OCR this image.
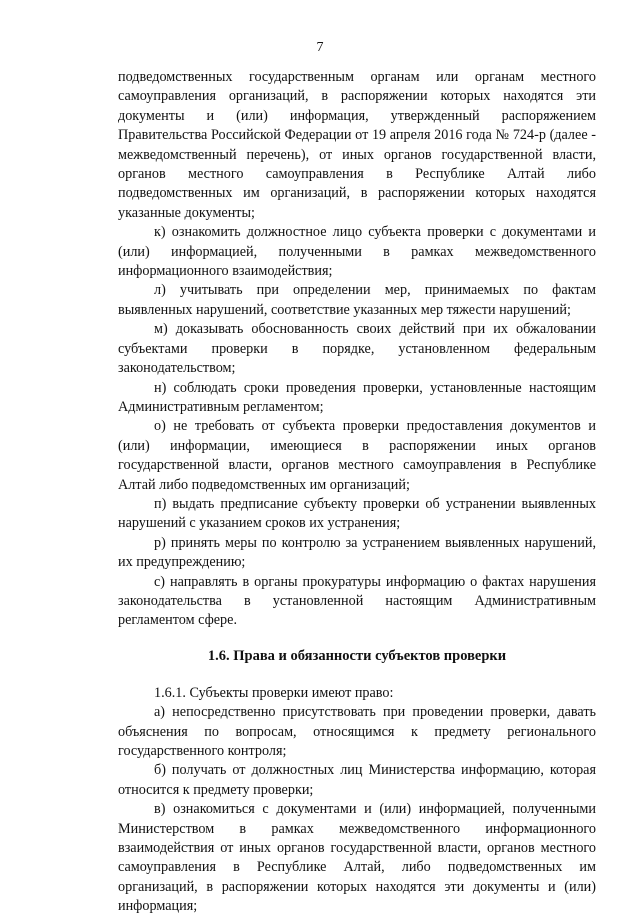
7

подведомственных государственным органам или органам местного самоуправления организаций, в распоряжении которых находятся эти документы и (или) информация, утвержденный распоряжением Правительства Российской Федерации от 19 апреля 2016 года № 724-р (далее - межведомственный перечень), от иных органов государственной власти, органов местного самоуправления в Республике Алтай либо подведомственных им организаций, в распоряжении которых находятся указанные документы;

к) ознакомить должностное лицо субъекта проверки с документами и (или) информацией, полученными в рамках межведомственного информационного взаимодействия;

л) учитывать при определении мер, принимаемых по фактам выявленных нарушений, соответствие указанных мер тяжести нарушений;

м) доказывать обоснованность своих действий при их обжаловании субъектами проверки в порядке, установленном федеральным законодательством;

н) соблюдать сроки проведения проверки, установленные настоящим Административным регламентом;

о) не требовать от субъекта проверки предоставления документов и (или) информации, имеющиеся в распоряжении иных органов государственной власти, органов местного самоуправления в Республике Алтай либо подведомственных им организаций;

п) выдать предписание субъекту проверки об устранении выявленных нарушений с указанием сроков их устранения;

р) принять меры по контролю за устранением выявленных нарушений, их предупреждению;

с) направлять в органы прокуратуры информацию о фактах нарушения законодательства в установленной настоящим Административным регламентом сфере.

1.6. Права и обязанности субъектов проверки

1.6.1. Субъекты проверки имеют право:

а) непосредственно присутствовать при проведении проверки, давать объяснения по вопросам, относящимся к предмету регионального государственного контроля;

б) получать от должностных лиц Министерства информацию, которая относится к предмету проверки;

в) ознакомиться с документами и (или) информацией, полученными Министерством в рамках межведомственного информационного взаимодействия от иных органов государственной власти, органов местного самоуправления в Республике Алтай, либо подведомственных им организаций, в распоряжении которых находятся эти документы и (или) информация;
